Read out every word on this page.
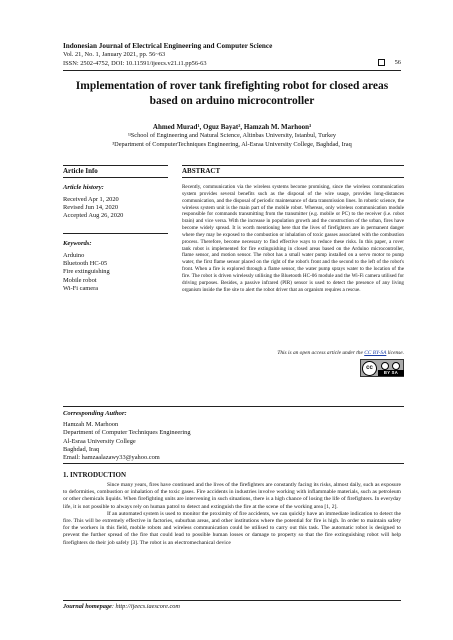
Indonesian Journal of Electrical Engineering and Computer Science
Vol. 21, No. 1, January 2021, pp. 56~63
ISSN: 2502-4752, DOI: 10.11591/ijeecs.v21.i1.pp56-63	56
Implementation of rover tank firefighting robot for closed areas based on arduino microcontroller
Ahmed Murad¹, Oguz Bayat², Hamzah M. Marhoon³
¹ʲSchool of Engineering and Natural Science, Altinbas University, Istanbul, Turkey
³Department of ComputerTechniques Engineering, Al-Esraa University College, Baghdad, Iraq
Article Info	ABSTRACT
Article history:
Received Apr 1, 2020
Revised Jun 14, 2020
Accepted Aug 26, 2020
Keywords:
Arduino
Bluetooth HC-05
Fire extinguishing
Mobile robot
Wi-Fi camera
Recently, communication via the wireless systems become promising, since the wireless communication system provides several benefits such as the disposal of the wire usage, provides long-distances communication, and the disposal of periodic maintenance of data transmission lines. In robotic science, the wireless system unit is the main part of the mobile robot. Whereas, only wireless communication module responsible for commands transmitting from the transmitter (e.g. mobile or PC) to the receiver (i.e. robot brain) and vice versa. With the increase in population growth and the construction of the urban, fires have become widely spread. It is worth mentioning here that the lives of firefighters are in permanent danger where they may be exposed to the combustion or inhalation of toxic gasses associated with the combustion process. Therefore, become necessary to find effective ways to reduce these risks. In this paper, a rover tank robot is implemented for fire extinguishing in closed areas based on the Arduino microcontroller, flame sensor, and motion sensor. The robot has a small water pump installed on a servo motor to pump water, the first flame sensor placed on the right of the robot's front and the second to the left of the robot's front. When a fire is explored through a flame sensor, the water pump sprays water to the location of the fire. The robot is driven wirelessly utilising the Bluetooth HC-06 module and the Wi-Fi camera utilised for driving purposes. Besides, a passive infrared (PIR) sensor is used to detect the presence of any living organism inside the fire site to alert the robot driver that an organism requires a rescue.
This is an open access article under the CC BY-SA license.
cc
BY SA
Corresponding Author:
Hamzah M. Marhoon
Department of Computer Techniques Engineering
Al-Esraa University College
Baghdad, Iraq
Email: hamzaalazawy33@yahoo.com
1. INTRODUCTION

Since many years, fires have continued and the lives of the firefighters are constantly facing its risks, almost daily, such as exposure to deformities, combustion or inhalation of the toxic gases. Fire accidents in industries involve working with inflammable materials, such as petroleum or other chemicals liquids. When firefighting units are intervening in such situations, there is a high chance of losing the life of firefighters. In everyday life, it is not possible to always rely on human patrol to detect and extinguish the fire at the scene of the working area [1, 2].

If an automated system is used to monitor the proximity of fire accidents, we can quickly have an immediate indication to detect the fire. This will be extremely effective in factories, suburban areas, and other institutions where the potential for fire is high. In order to maintain safety for the workers in this field, mobile robots and wireless communication could be utilised to carry out this task. The automatic robot is designed to prevent the further spread of the fire that could lead to possible human losses or damage to property so that the fire extinguishing robot will help firefighters do their job safely [3]. The robot is an electromechanical device

Journal homepage: http://ijeecs.iaescore.com
